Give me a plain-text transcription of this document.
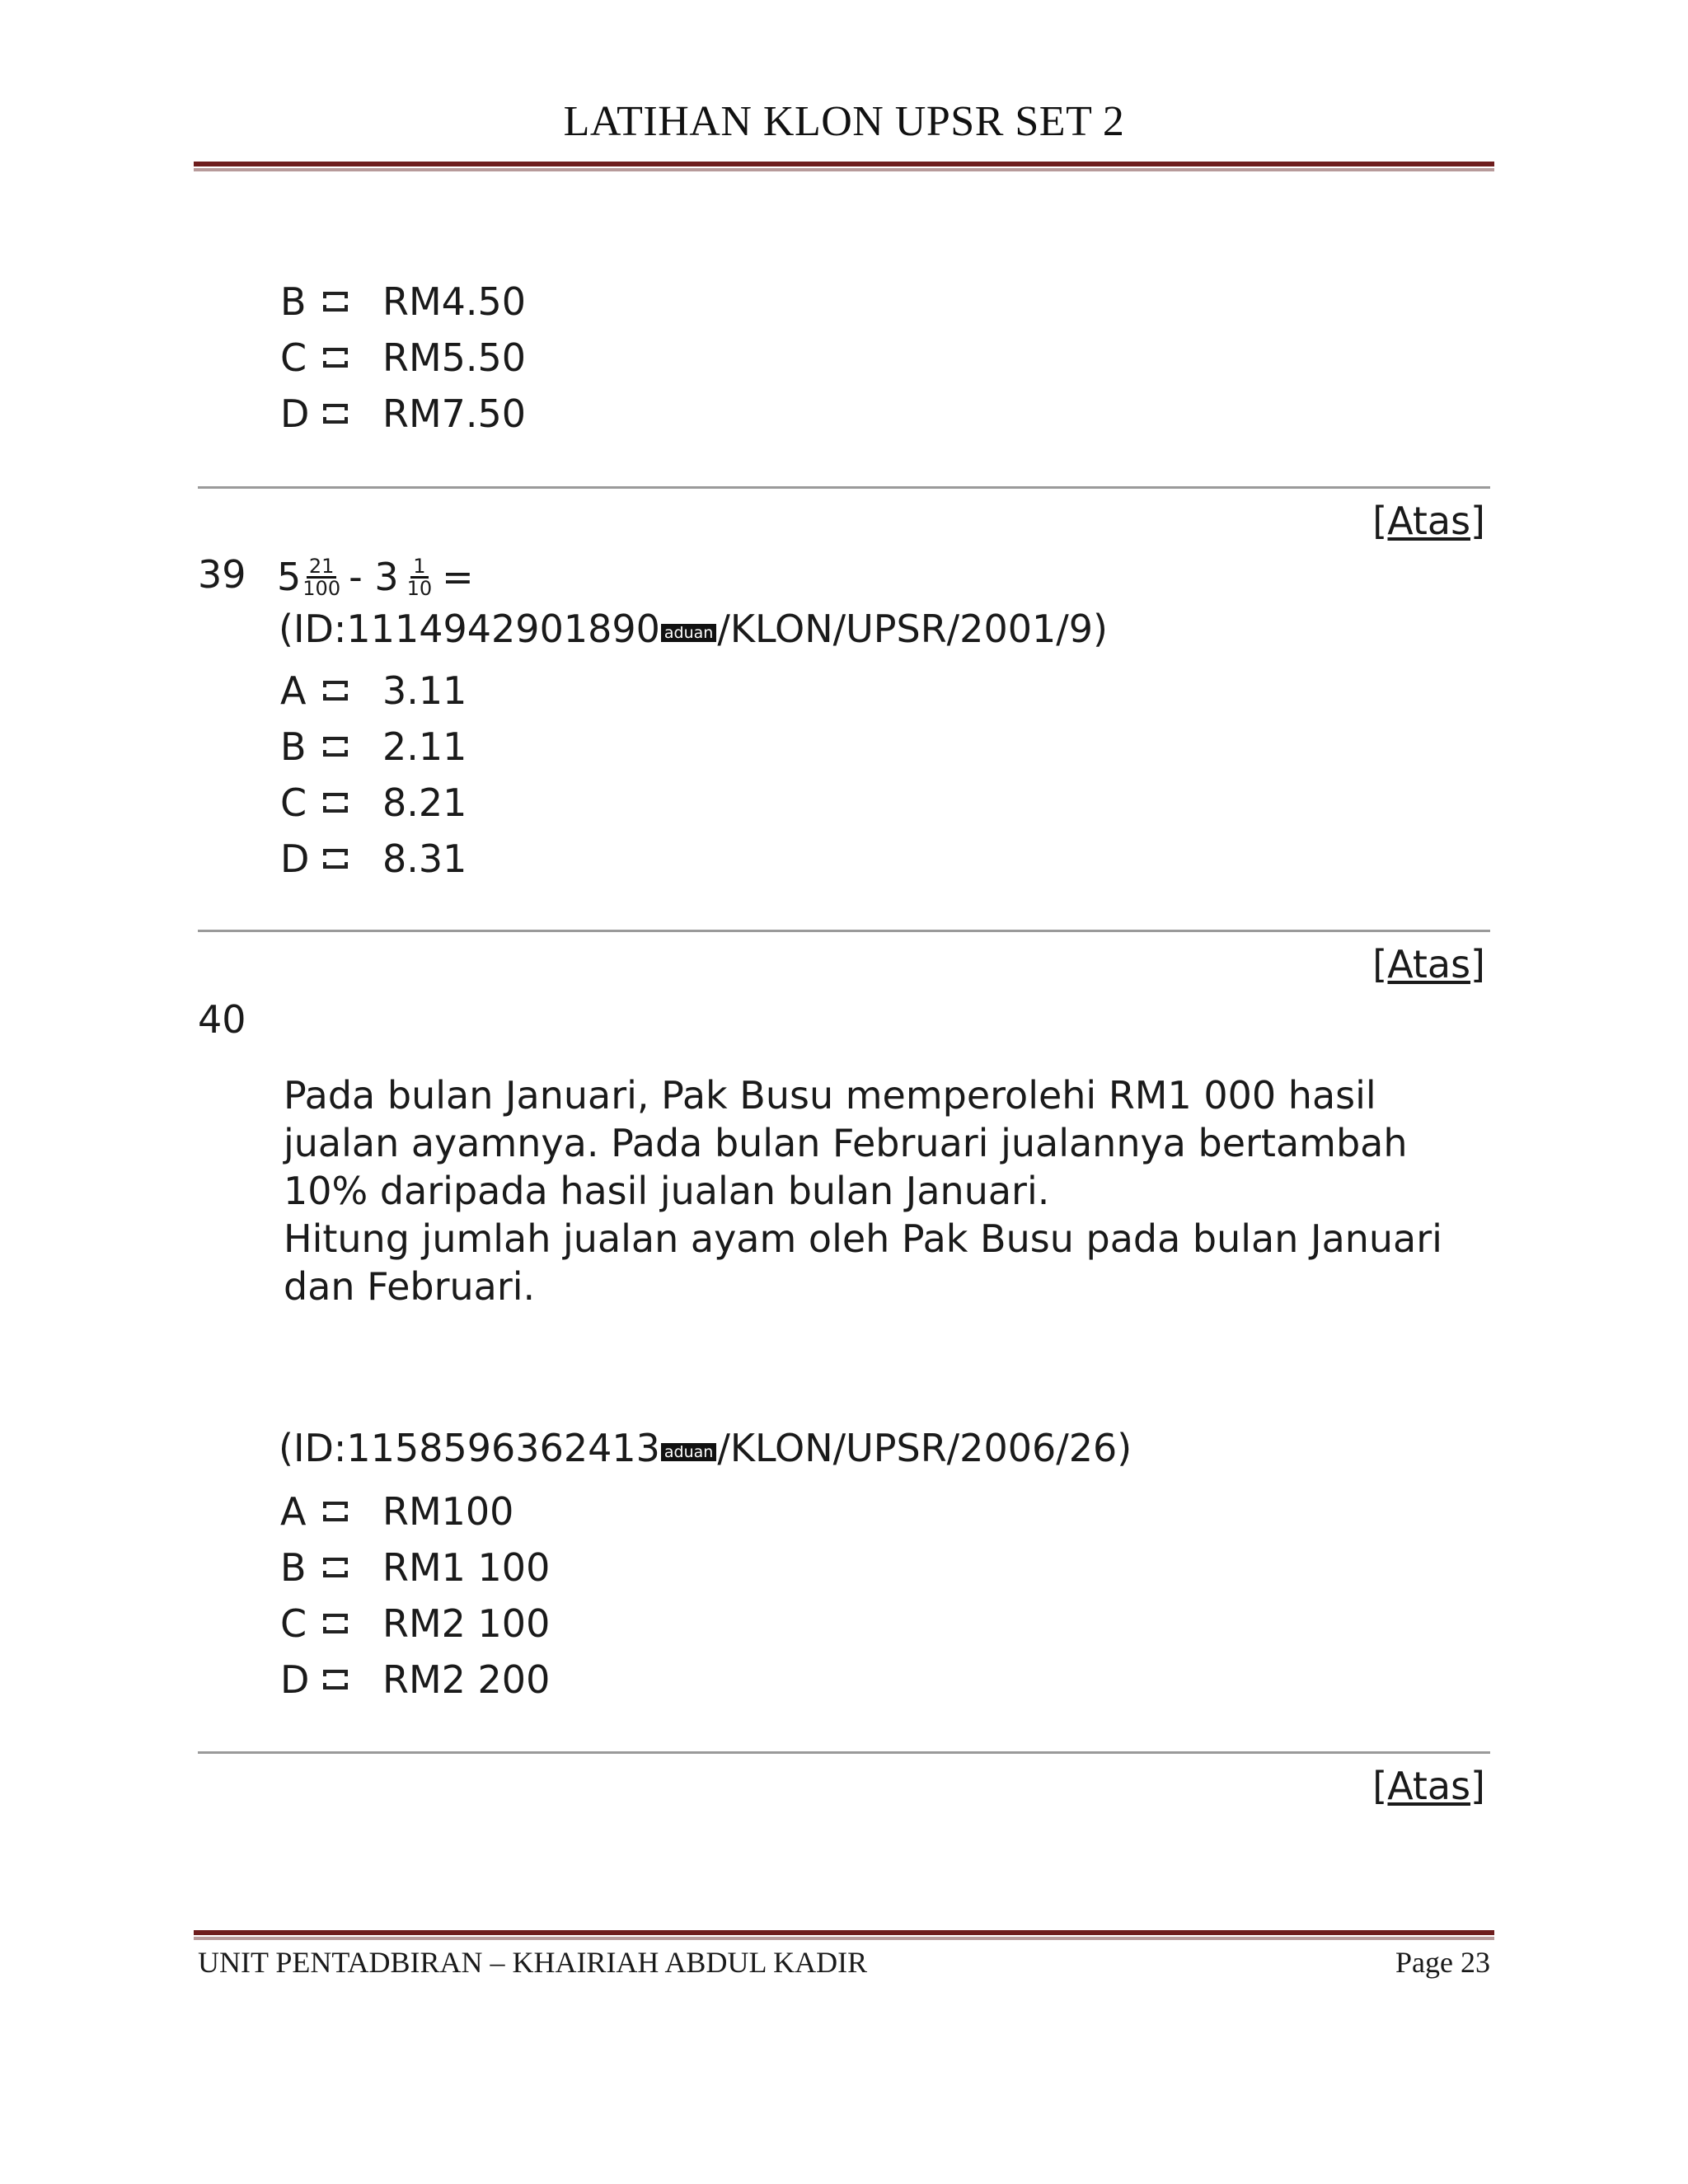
LATIHAN KLON UPSR SET 2
B	RM4.50
C	RM5.50
D	RM7.50
[Atas]
39 $5 \frac{21}{100} - 3 \frac{1}{10}$ =
(ID:1114942901890 aduan /KLON/UPSR/2001/9)
A	3.11
B	2.11
C	8.21
D	8.31
[Atas]
40

Pada bulan Januari, Pak Busu memperolehi RM1 000 hasil

jualan ayamnya. Pada bulan Februari jualannya bertambah

10% daripada hasil jualan bulan Januari.

Hitung jumlah jualan ayam oleh Pak Busu pada bulan Januari

dan Februari.

(ID:1158596362413 aduan /KLON/UPSR/2006/26)
A	RM100
B	RM1 100
C	RM2 100
D	RM2 200
[Atas]
UNIT PENTADBIRAN – KHAIRIAH ABDUL KADIR	Page 23
